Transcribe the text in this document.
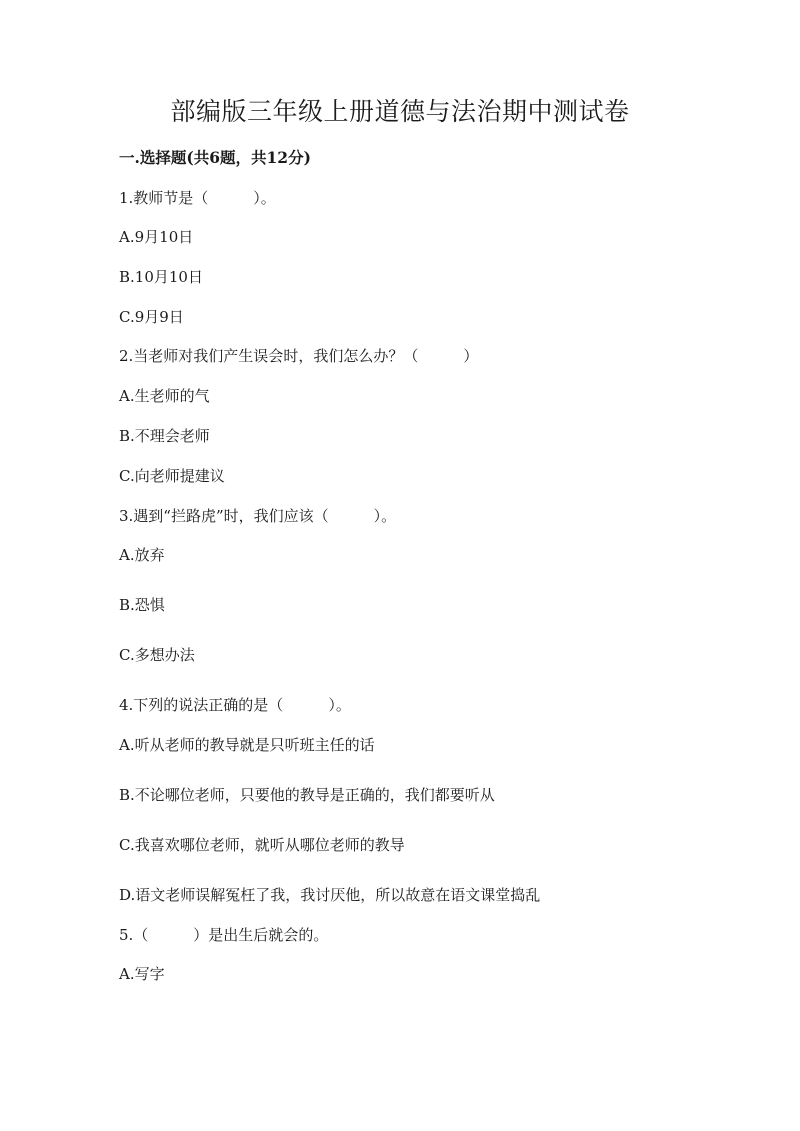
部编版三年级上册道德与法治期中测试卷
一.选择题(共6题，共12分)
1.教师节是（　　　）。
A.9月10日
B.10月10日
C.9月9日
2.当老师对我们产生误会时，我们怎么办？（　　　）
A.生老师的气
B.不理会老师
C.向老师提建议
3.遇到“拦路虎”时，我们应该（　　　）。
A.放弃
B.恐惧
C.多想办法
4.下列的说法正确的是（　　　）。
A.听从老师的教导就是只听班主任的话
B.不论哪位老师，只要他的教导是正确的，我们都要听从
C.我喜欢哪位老师，就听从哪位老师的教导
D.语文老师误解冤枉了我，我讨厌他，所以故意在语文课堂捣乱
5.（　　　）是出生后就会的。
A.写字
